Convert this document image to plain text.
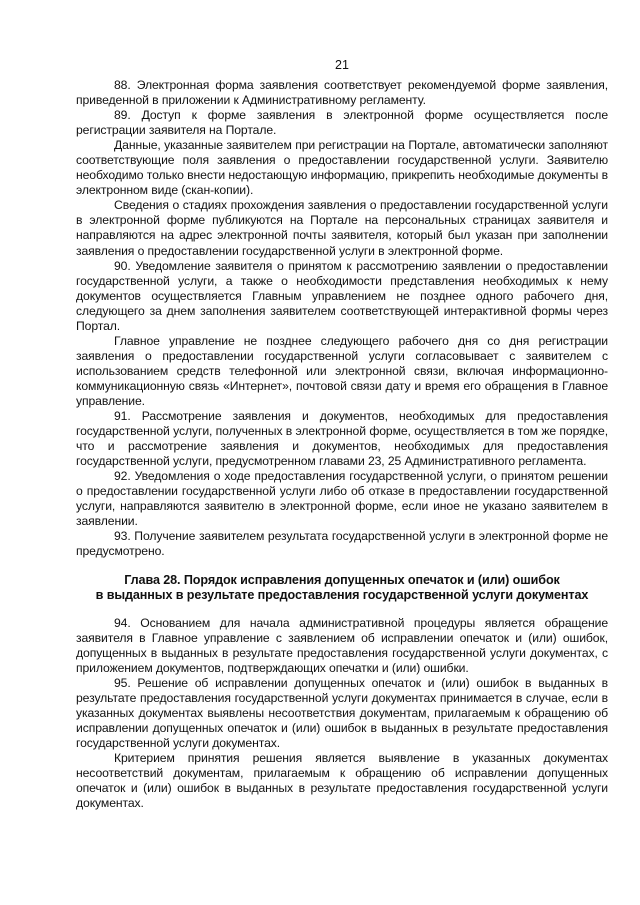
21

88. Электронная форма заявления соответствует рекомендуемой форме заявления, приведенной в приложении к Административному регламенту.

89. Доступ к форме заявления в электронной форме осуществляется после регистрации заявителя на Портале.

Данные, указанные заявителем при регистрации на Портале, автоматически заполняют соответствующие поля заявления о предоставлении государственной услуги. Заявителю необходимо только внести недостающую информацию, прикрепить необходимые документы в электронном виде (скан-копии).

Сведения о стадиях прохождения заявления о предоставлении государственной услуги в электронной форме публикуются на Портале на персональных страницах заявителя и направляются на адрес электронной почты заявителя, который был указан при заполнении заявления о предоставлении государственной услуги в электронной форме.

90. Уведомление заявителя о принятом к рассмотрению заявлении о предоставлении государственной услуги, а также о необходимости представления необходимых к нему документов осуществляется Главным управлением не позднее одного рабочего дня, следующего за днем заполнения заявителем соответствующей интерактивной формы через Портал.

Главное управление не позднее следующего рабочего дня со дня регистрации заявления о предоставлении государственной услуги согласовывает с заявителем с использованием средств телефонной или электронной связи, включая информационно-коммуникационную связь «Интернет», почтовой связи дату и время его обращения в Главное управление.

91. Рассмотрение заявления и документов, необходимых для предоставления государственной услуги, полученных в электронной форме, осуществляется в том же порядке, что и рассмотрение заявления и документов, необходимых для предоставления государственной услуги, предусмотренном главами 23, 25 Административного регламента.

92. Уведомления о ходе предоставления государственной услуги, о принятом решении о предоставлении государственной услуги либо об отказе в предоставлении государственной услуги, направляются заявителю в электронной форме, если иное не указано заявителем в заявлении.

93. Получение заявителем результата государственной услуги в электронной форме не предусмотрено.

Глава 28. Порядок исправления допущенных опечаток и (или) ошибок
в выданных в результате предоставления государственной услуги документах

94. Основанием для начала административной процедуры является обращение заявителя в Главное управление с заявлением об исправлении опечаток и (или) ошибок, допущенных в выданных в результате предоставления государственной услуги документах, с приложением документов, подтверждающих опечатки и (или) ошибки.

95. Решение об исправлении допущенных опечаток и (или) ошибок в выданных в результате предоставления государственной услуги документах принимается в случае, если в указанных документах выявлены несоответствия документам, прилагаемым к обращению об исправлении допущенных опечаток и (или) ошибок в выданных в результате предоставления государственной услуги документах.

Критерием принятия решения является выявление в указанных документах несоответствий документам, прилагаемым к обращению об исправлении допущенных опечаток и (или) ошибок в выданных в результате предоставления государственной услуги документах.
